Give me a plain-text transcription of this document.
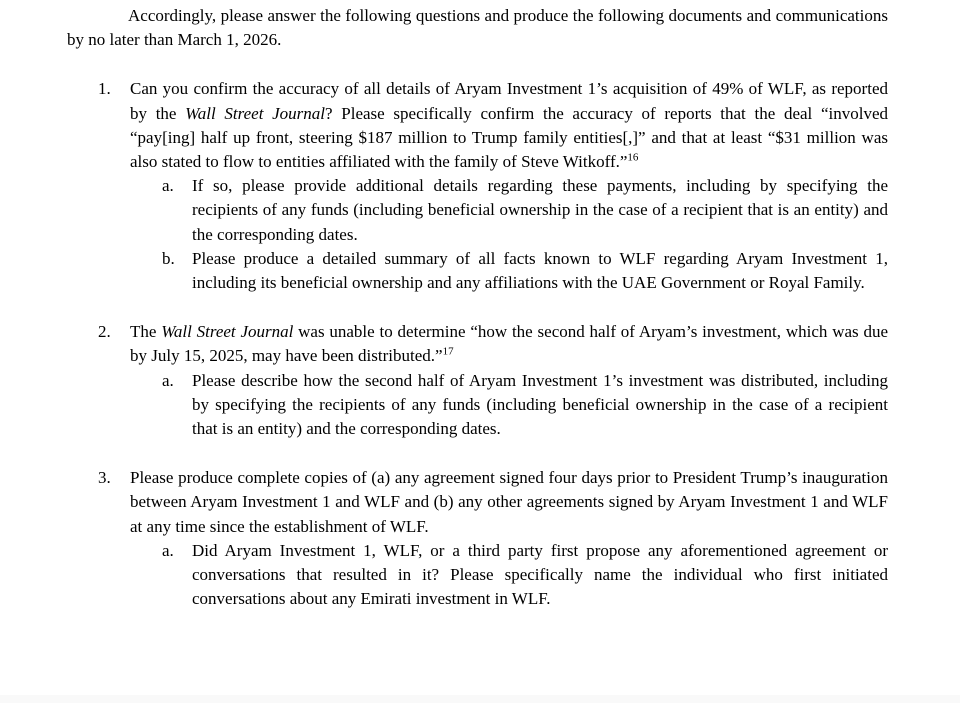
Accordingly, please answer the following questions and produce the following documents and communications by no later than March 1, 2026.

1. Can you confirm the accuracy of all details of Aryam Investment 1’s acquisition of 49% of WLF, as reported by the Wall Street Journal? Please specifically confirm the accuracy of reports that the deal “involved “pay[ing] half up front, steering $187 million to Trump family entities[,]” and that at least “$31 million was also stated to flow to entities affiliated with the family of Steve Witkoff.”$^{16}$
a. If so, please provide additional details regarding these payments, including by specifying the recipients of any funds (including beneficial ownership in the case of a recipient that is an entity) and the corresponding dates.
b. Please produce a detailed summary of all facts known to WLF regarding Aryam Investment 1, including its beneficial ownership and any affiliations with the UAE Government or Royal Family.
2. The Wall Street Journal was unable to determine “how the second half of Aryam’s investment, which was due by July 15, 2025, may have been distributed.”$^{17}$
a. Please describe how the second half of Aryam Investment 1’s investment was distributed, including by specifying the recipients of any funds (including beneficial ownership in the case of a recipient that is an entity) and the corresponding dates.
3. Please produce complete copies of (a) any agreement signed four days prior to President Trump’s inauguration between Aryam Investment 1 and WLF and (b) any other agreements signed by Aryam Investment 1 and WLF at any time since the establishment of WLF.
a. Did Aryam Investment 1, WLF, or a third party first propose any aforementioned agreement or conversations that resulted in it? Please specifically name the individual who first initiated conversations about any Emirati investment in WLF.
